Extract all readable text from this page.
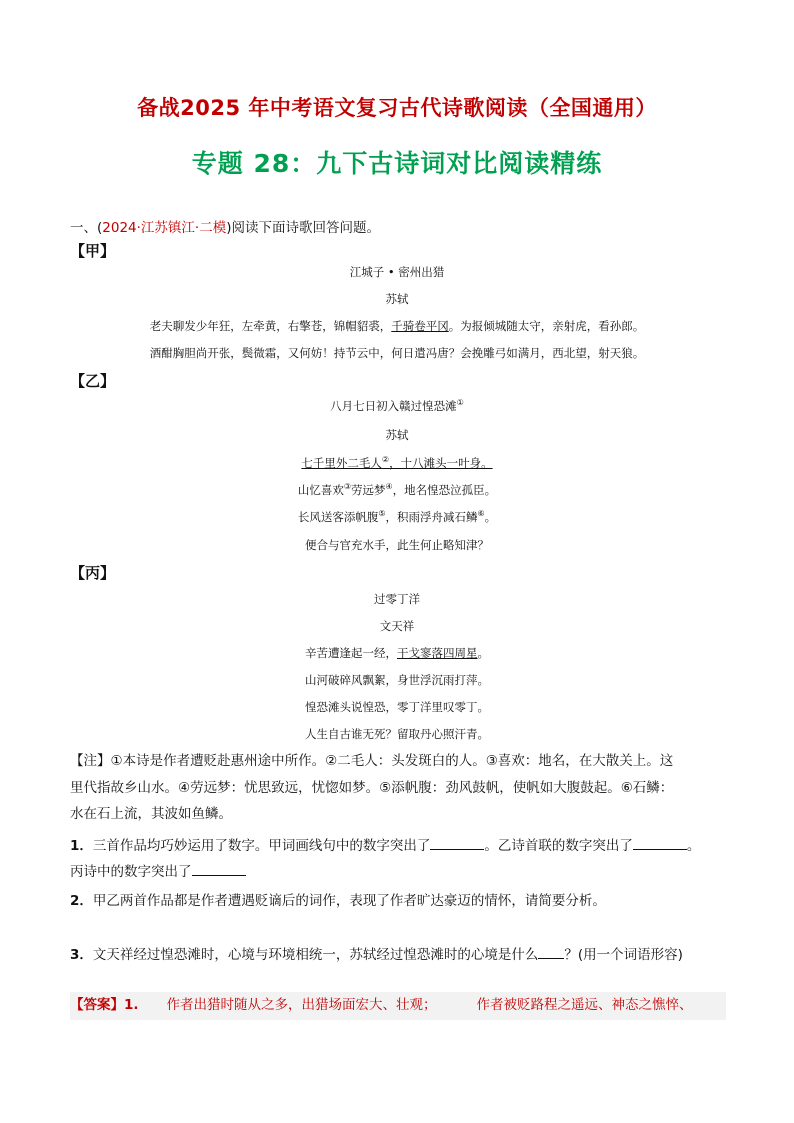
备战2025 年中考语文复习古代诗歌阅读（全国通用）
专题 28：九下古诗词对比阅读精练
一、(2024·江苏镇江·二模)阅读下面诗歌回答问题。
【甲】
江城子 • 密州出猎
苏轼
老夫聊发少年狂，左牵黄，右擎苍，锦帽貂裘，千骑卷平冈。为报倾城随太守，亲射虎，看孙郎。
酒酣胸胆尚开张，鬓微霜，又何妨！持节云中，何日遣冯唐？会挽雕弓如满月，西北望，射天狼。
【乙】
八月七日初入赣过惶恐滩①
苏轼
七千里外二毛人②，十八滩头一叶身。
山忆喜欢③劳远梦④，地名惶恐泣孤臣。
长风送客添帆腹⑤，积雨浮舟减石鳞⑥。
便合与官充水手，此生何止略知津？
【丙】
过零丁洋
文天祥
辛苦遭逢起一经，干戈寥落四周星。
山河破碎风飘絮，身世浮沉雨打萍。
惶恐滩头说惶恐，零丁洋里叹零丁。
人生自古谁无死？留取丹心照汗青。
【注】①本诗是作者遭贬赴惠州途中所作。②二毛人：头发斑白的人。③喜欢：地名，在大散关上。这
里代指故乡山水。④劳远梦：忧思致远，忧惚如梦。⑤添帆腹：劲风鼓帆，使帆如大腹鼓起。⑥石鳞：
水在石上流，其波如鱼鳞。
1．三首作品均巧妙运用了数字。甲词画线句中的数字突出了	。乙诗首联的数字突出了	。
丙诗中的数字突出了
2．甲乙两首作品都是作者遭遇贬谪后的词作，表现了作者旷达豪迈的情怀，请简要分析。
3．文天祥经过惶恐滩时，心境与环境相统一，苏轼经过惶恐滩时的心境是什么 ？(用一个词语形容)
【答案】1. 作者出猎时随从之多，出猎场面宏大、壮观；	作者被贬路程之遥远、神态之憔悴、
